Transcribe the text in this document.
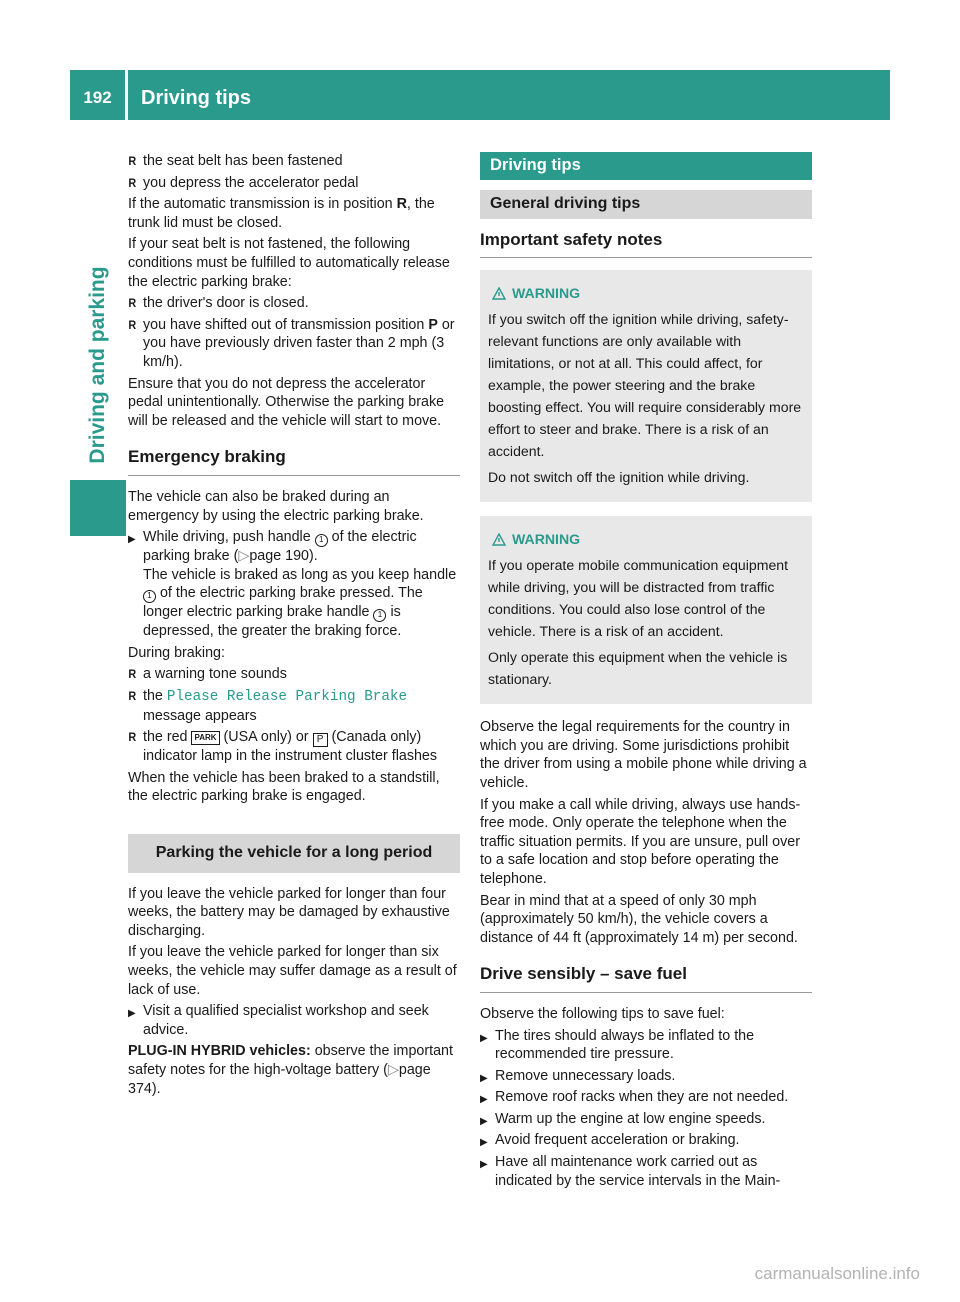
192	Driving tips
Driving and parking
R the seat belt has been fastened
R you depress the accelerator pedal
If the automatic transmission is in position R, the trunk lid must be closed.
If your seat belt is not fastened, the following conditions must be fulfilled to automatically release the electric parking brake:
R the driver's door is closed.
R you have shifted out of transmission position P or you have previously driven faster than 2 mph (3 km/h).
Ensure that you do not depress the accelerator pedal unintentionally. Otherwise the parking brake will be released and the vehicle will start to move.
Emergency braking
The vehicle can also be braked during an emergency by using the electric parking brake.
▶ While driving, push handle 1 of the electric parking brake (▷page 190).
The vehicle is braked as long as you keep handle 1 of the electric parking brake pressed. The longer electric parking brake handle 1 is depressed, the greater the braking force.
During braking:
R a warning tone sounds
R the Please Release Parking Brake message appears
R the red PARK (USA only) or P (Canada only) indicator lamp in the instrument cluster flashes
When the vehicle has been braked to a standstill, the electric parking brake is engaged.
Parking the vehicle for a long period
If you leave the vehicle parked for longer than four weeks, the battery may be damaged by exhaustive discharging.
If you leave the vehicle parked for longer than six weeks, the vehicle may suffer damage as a result of lack of use.
▶ Visit a qualified specialist workshop and seek advice.
PLUG-IN HYBRID vehicles: observe the important safety notes for the high-voltage battery (▷page 374).
Driving tips
General driving tips
Important safety notes
WARNING

If you switch off the ignition while driving, safety-relevant functions are only available with limitations, or not at all. This could affect, for example, the power steering and the brake boosting effect. You will require considerably more effort to steer and brake. There is a risk of an accident.

Do not switch off the ignition while driving.

WARNING

If you operate mobile communication equipment while driving, you will be distracted from traffic conditions. You could also lose control of the vehicle. There is a risk of an accident.

Only operate this equipment when the vehicle is stationary.

Observe the legal requirements for the country in which you are driving. Some jurisdictions prohibit the driver from using a mobile phone while driving a vehicle.
If you make a call while driving, always use hands-free mode. Only operate the telephone when the traffic situation permits. If you are unsure, pull over to a safe location and stop before operating the telephone.
Bear in mind that at a speed of only 30 mph (approximately 50 km/h), the vehicle covers a distance of 44 ft (approximately 14 m) per second.
Drive sensibly – save fuel
Observe the following tips to save fuel:
▶ The tires should always be inflated to the recommended tire pressure.
▶ Remove unnecessary loads.
▶ Remove roof racks when they are not needed.
▶ Warm up the engine at low engine speeds.
▶ Avoid frequent acceleration or braking.
▶ Have all maintenance work carried out as indicated by the service intervals in the Main-
carmanualsonline.info
